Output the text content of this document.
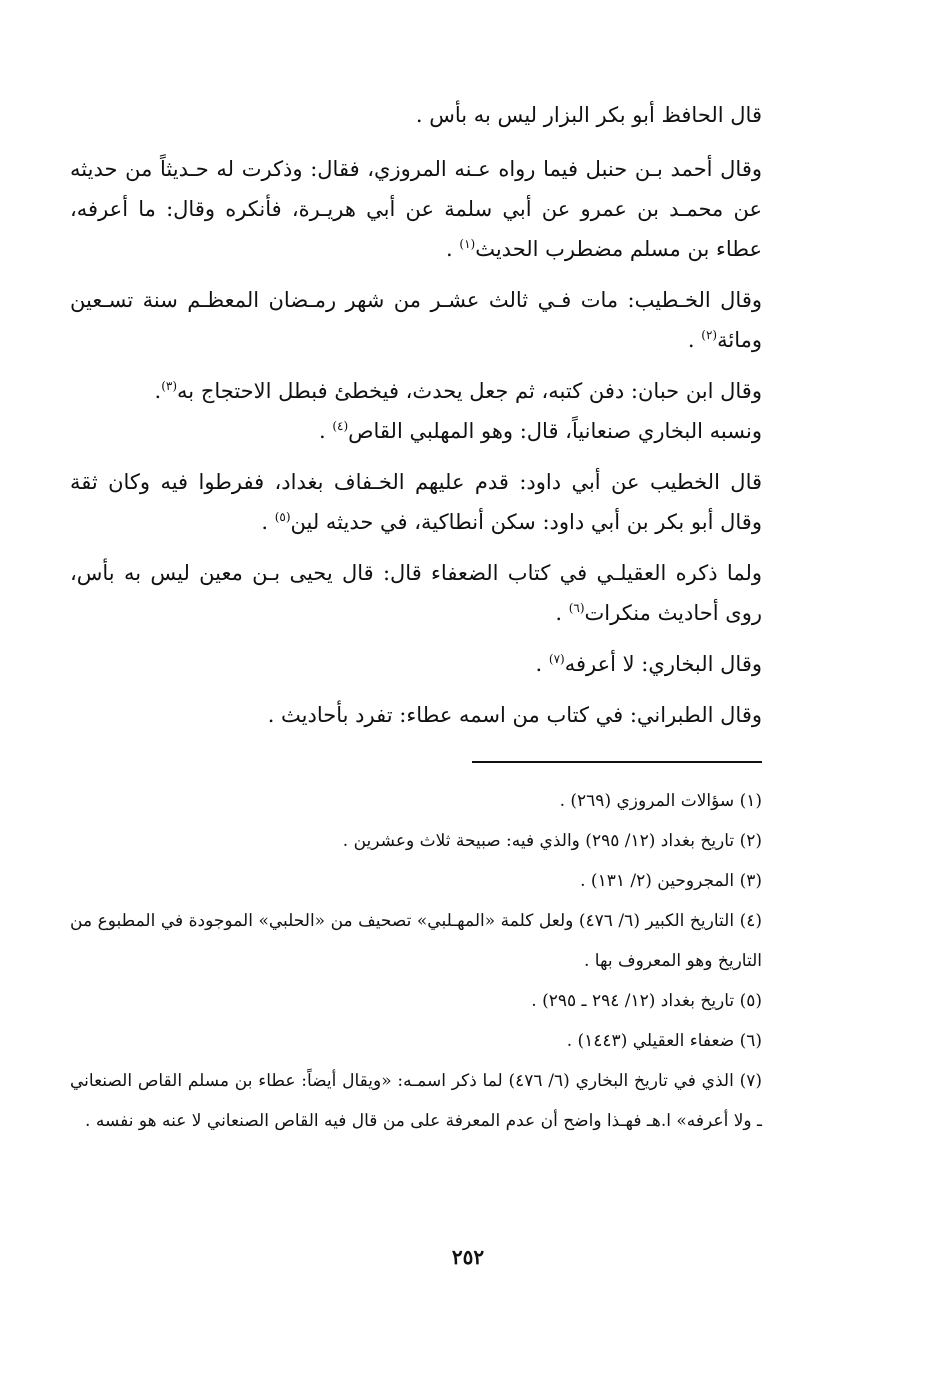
قال الحافظ أبو بكر البزار ليس به بأس .

وقال أحمد بـن حنبل فيما رواه عـنه المروزي، فقال: وذكرت له حـديثاً من حديثه عن محمـد بن عمرو عن أبي سلمة عن أبي هريـرة، فأنكره وقال: ما أعرفه، عطاء بن مسلم مضطرب الحديث$^{(١)}$ .

وقال الخـطيب: مات فـي ثالث عشـر من شهر رمـضان المعظـم سنة تسـعين ومائة$^{(٢)}$ .

وقال ابن حبان: دفن كتبه، ثم جعل يحدث، فيخطئ فبطل الاحتجاج به$^{(٣)}$.
ونسبه البخاري صنعانياً، قال: وهو المهلبي القاص$^{(٤)}$ .

قال الخطيب عن أبي داود: قدم عليهم الخـفاف بغداد، ففرطوا فيه وكان ثقة وقال أبو بكر بن أبي داود: سكن أنطاكية، في حديثه لين$^{(٥)}$ .

ولما ذكره العقيلـي في كتاب الضعفاء قال: قال يحيى بـن معين ليس به بأس، روى أحاديث منكرات$^{(٦)}$ .

وقال البخاري: لا أعرفه$^{(٧)}$ .

وقال الطبراني: في كتاب من اسمه عطاء: تفرد بأحاديث .

(١) سؤالات المروزي (٢٦٩) .

(٢) تاريخ بغداد (١٢/ ٢٩٥) والذي فيه: صبيحة ثلاث وعشرين .

(٣) المجروحين (٢/ ١٣١) .

(٤) التاريخ الكبير (٦/ ٤٧٦) ولعل كلمة «المهـلبي» تصحيف من «الحلبي» الموجودة في المطبوع من التاريخ وهو المعروف بها .

(٥) تاريخ بغداد (١٢/ ٢٩٤ ـ ٢٩٥) .

(٦) ضعفاء العقيلي (١٤٤٣) .

(٧) الذي في تاريخ البخاري (٦/ ٤٧٦) لما ذكر اسمـه: «ويقال أيضاً: عطاء بن مسلم القاص الصنعاني ـ ولا أعرفه» ا.هـ فهـذا واضح أن عدم المعرفة على من قال فيه القاص الصنعاني لا عنه هو نفسه .

٢٥٢
